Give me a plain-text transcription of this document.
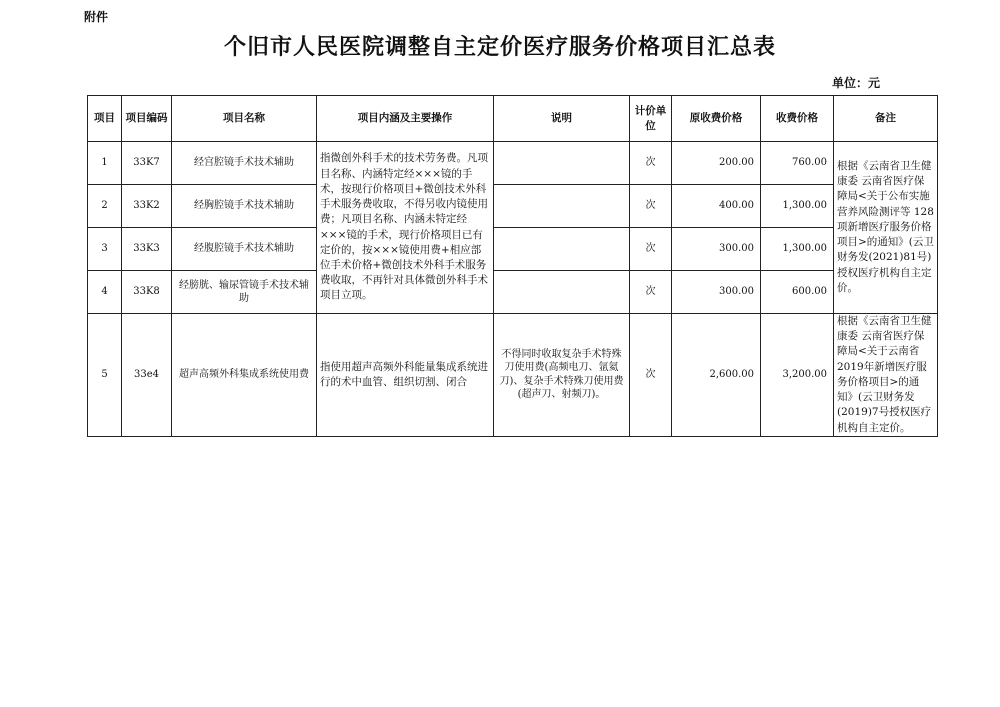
附件
个旧市人民医院调整自主定价医疗服务价格项目汇总表
单位：元
项目	项目编码	项目名称	项目内涵及主要操作	说明	计价单位	原收费价格	收费价格	备注
1	33K7	经宫腔镜手术技术辅助	指微创外科手术的技术劳务费。凡项目名称、内涵特定经×××镜的手术，按现行价格项目+微创技术外科手术服务费收取，不得另收内镜使用费；凡项目名称、内涵未特定经×××镜的手术，现行价格项目已有定价的，按×××镜使用费+相应部位手术价格+微创技术外科手术服务费收取，不再针对具体微创外科手术项目立项。		次	200.00	760.00	根据《云南省卫生健康委 云南省医疗保障局<关于公布实施营养风险测评等 128 项新增医疗服务价格项目>的通知》(云卫财务发(2021)81号)授权医疗机构自主定价。
2	33K2	经胸腔镜手术技术辅助			次	400.00	1,300.00	
3	33K3	经腹腔镜手术技术辅助			次	300.00	1,300.00	
4	33K8	经膀胱、输尿管镜手术技术辅助			次	300.00	600.00	
5	33e4	超声高频外科集成系统使用费	指使用超声高频外科能量集成系统进行的术中血管、组织切割、闭合	不得同时收取复杂手术特殊刀使用费(高频电刀、氩氦刀)、复杂手术特殊刀使用费(超声刀、射频刀)。	次	2,600.00	3,200.00	根据《云南省卫生健康委 云南省医疗保障局<关于云南省2019年新增医疗服务价格项目>的通知》(云卫财务发(2019)7号授权医疗机构自主定价。
